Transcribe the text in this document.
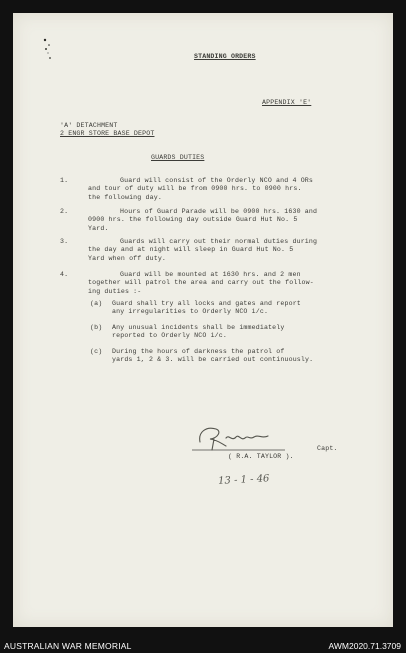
STANDING ORDERS
APPENDIX 'E'
'A' DETACHMENT
2 ENGR STORE BASE DEPOT
GUARDS DUTIES
1.	Guard will consist of the Orderly NCO and 4 ORs
and tour of duty will be from 0900 hrs. to 0900 hrs.
the following day.
2.	Hours of Guard Parade will be 0900 hrs. 1630 and
0900 hrs. the following day outside Guard Hut No. 5
Yard.
3.	Guards will carry out their normal duties during
the day and at night will sleep in Guard Hut No. 5
Yard when off duty.
4.	Guard will be mounted at 1630 hrs. and 2 men
together will patrol the area and carry out the follow-
ing duties :-
(a) Guard shall try all locks and gates and report
any irregularities to Orderly NCO i/c.
(b) Any unusual incidents shall be immediately
reported to Orderly NCO i/c.
(c) During the hours of darkness the patrol of
yards 1, 2 & 3. will be carried out continuously.
Capt.
( R.A. TAYLOR ).
13 - 1 - 46
AUSTRALIAN WAR MEMORIAL	AWM2020.71.3709
